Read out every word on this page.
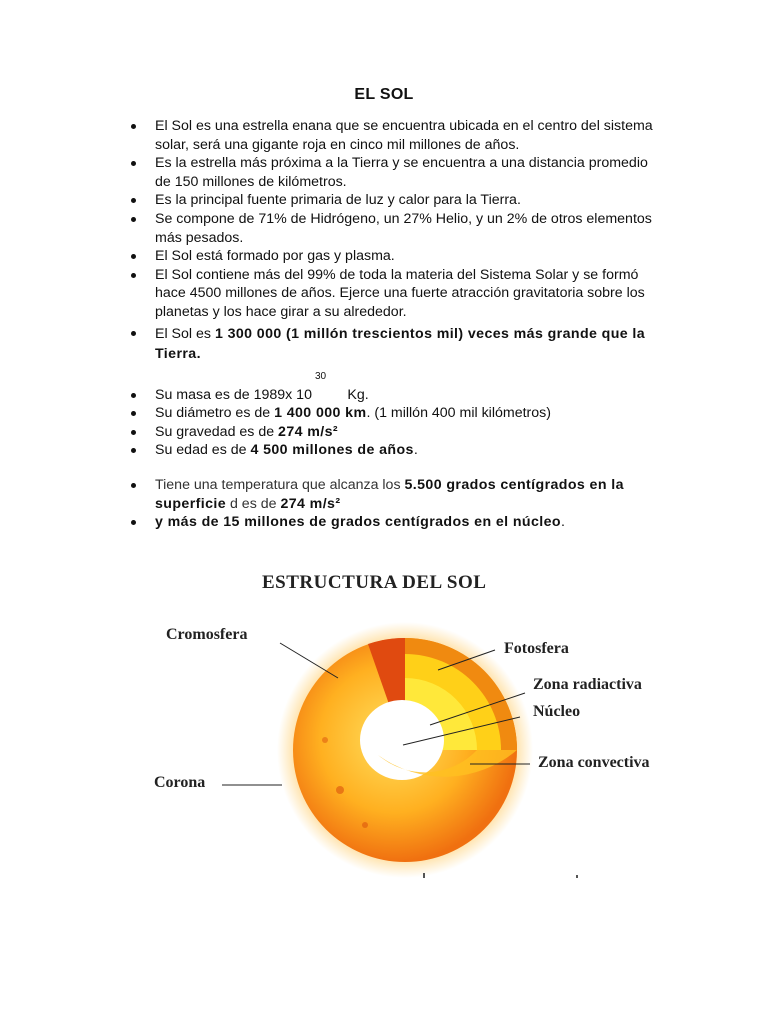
EL SOL
El Sol es una estrella enana que se encuentra ubicada en el centro del sistema solar, será una gigante roja en cinco mil millones de años.
Es la estrella más próxima a la Tierra y se encuentra a una distancia promedio de 150 millones de kilómetros.
Es la principal fuente primaria de luz y calor para la Tierra.
Se compone de 71% de Hidrógeno, un 27% Helio, y un 2% de otros elementos más pesados.
El Sol está formado por gas y plasma.
El Sol contiene más del 99% de toda la materia del Sistema Solar y se formó hace 4500 millones de años. Ejerce una fuerte atracción gravitatoria sobre los planetas y los hace girar a su alrededor.
El Sol es 1 300 000 (1 millón trescientos mil) veces más grande que la Tierra.
30
Su masa es de 1989x 10         Kg.
Su diámetro es de 1 400 000 km. (1 millón 400 mil kilómetros)
Su gravedad es de 274 m/s²
Su edad es de 4 500 millones de años.
Tiene una temperatura que alcanza los 5.500 grados centígrados en la superficie d es de 274 m/s²
y más de 15 millones de grados centígrados en el núcleo.
ESTRUCTURA DEL SOL
Cromosfera
Corona
Fotosfera
Zona radiactiva
Núcleo
Zona convectiva
